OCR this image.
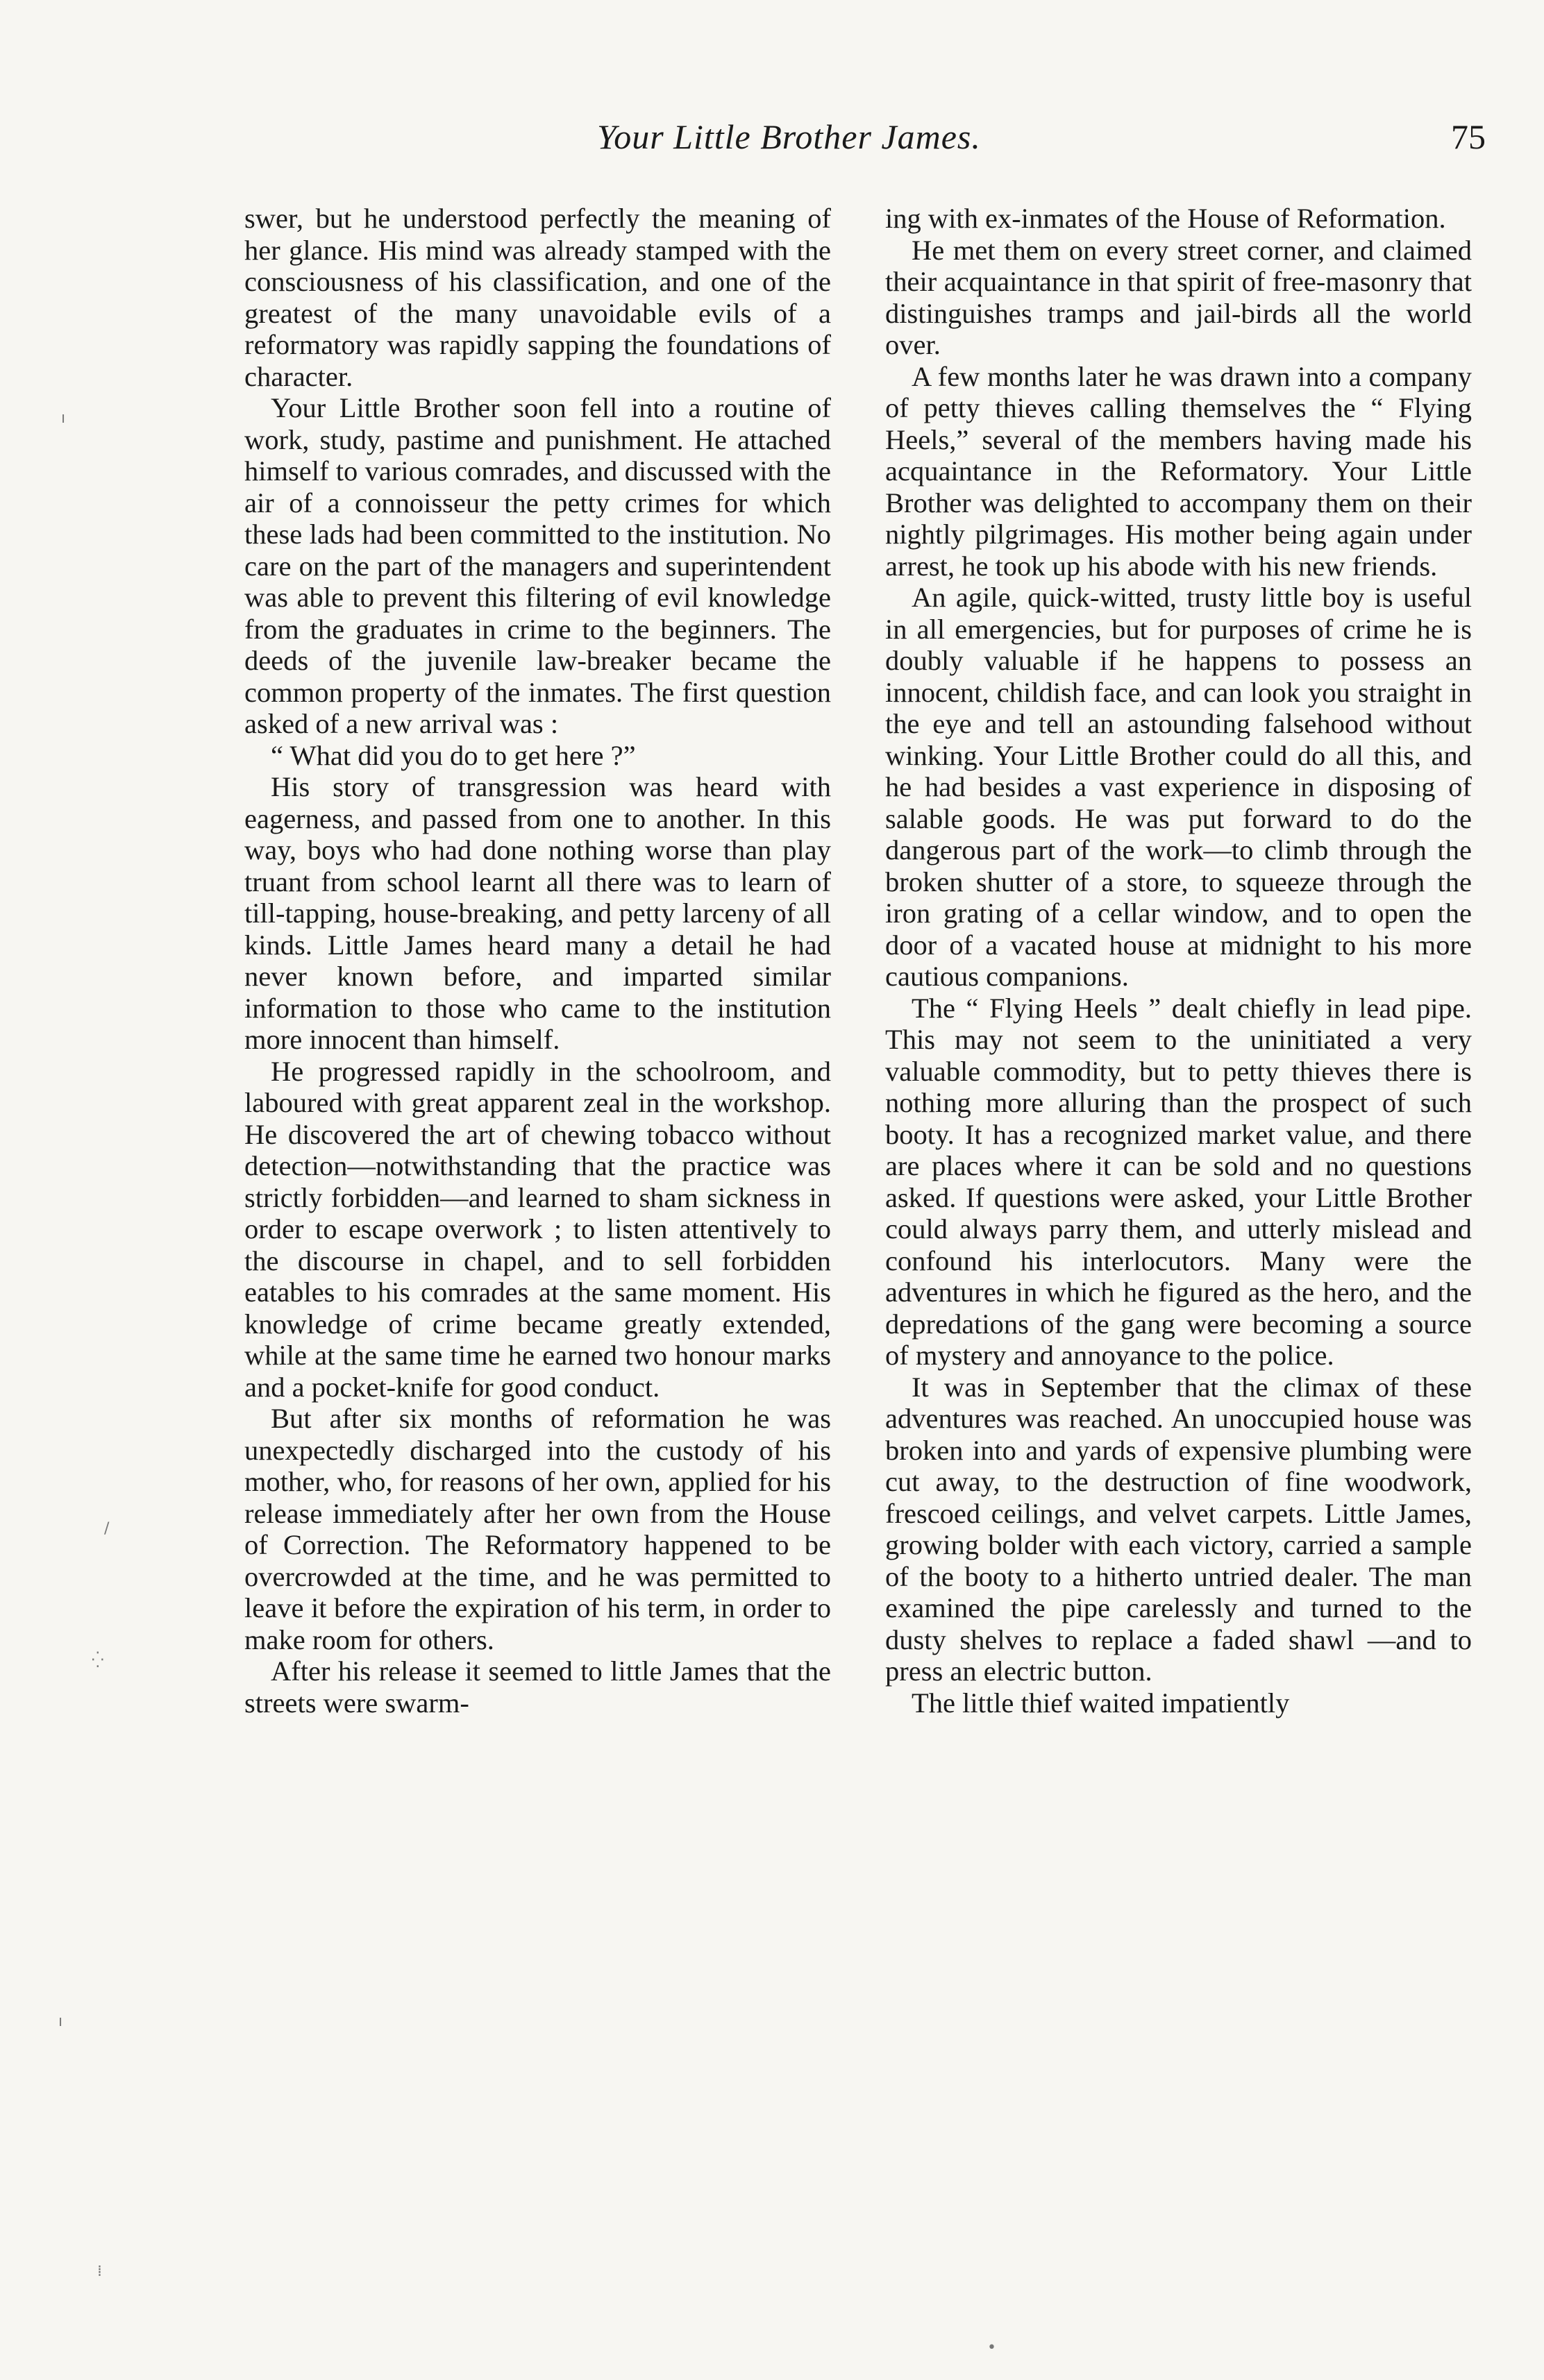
Your Little Brother James.	75

swer, but he understood perfectly the meaning of her glance. His mind was already stamped with the consciousness of his classification, and one of the greatest of the many unavoidable evils of a reformatory was rapidly sapping the foundations of character.

Your Little Brother soon fell into a routine of work, study, pastime and punishment. He attached himself to various comrades, and discussed with the air of a connoisseur the petty crimes for which these lads had been committed to the institution. No care on the part of the managers and superintendent was able to prevent this filtering of evil knowledge from the graduates in crime to the beginners. The deeds of the juvenile law-breaker became the common property of the inmates. The first question asked of a new arrival was :

“ What did you do to get here ?”

His story of transgression was heard with eagerness, and passed from one to another. In this way, boys who had done nothing worse than play truant from school learnt all there was to learn of till-tapping, house-breaking, and petty larceny of all kinds. Little James heard many a detail he had never known before, and imparted similar information to those who came to the institution more innocent than himself.

He progressed rapidly in the schoolroom, and laboured with great apparent zeal in the workshop. He discovered the art of chewing tobacco without detection—notwithstanding that the practice was strictly forbidden—and learned to sham sickness in order to escape overwork ; to listen attentively to the discourse in chapel, and to sell forbidden eatables to his comrades at the same moment. His knowledge of crime became greatly extended, while at the same time he earned two honour marks and a pocket-knife for good conduct.

But after six months of reformation he was unexpectedly discharged into the custody of his mother, who, for reasons of her own, applied for his release immediately after her own from the House of Correction. The Reformatory happened to be overcrowded at the time, and he was permitted to leave it before the expiration of his term, in order to make room for others.

After his release it seemed to little James that the streets were swarm-

ing with ex-inmates of the House of Reformation.

He met them on every street corner, and claimed their acquaintance in that spirit of free-masonry that distinguishes tramps and jail-birds all the world over.

A few months later he was drawn into a company of petty thieves calling themselves the “ Flying Heels,” several of the members having made his acquaintance in the Reformatory. Your Little Brother was delighted to accompany them on their nightly pilgrimages. His mother being again under arrest, he took up his abode with his new friends.

An agile, quick-witted, trusty little boy is useful in all emergencies, but for purposes of crime he is doubly valuable if he happens to possess an innocent, childish face, and can look you straight in the eye and tell an astounding falsehood without winking. Your Little Brother could do all this, and he had besides a vast experience in disposing of salable goods. He was put forward to do the dangerous part of the work—to climb through the broken shutter of a store, to squeeze through the iron grating of a cellar window, and to open the door of a vacated house at midnight to his more cautious companions.

The “ Flying Heels ” dealt chiefly in lead pipe. This may not seem to the uninitiated a very valuable commodity, but to petty thieves there is nothing more alluring than the prospect of such booty. It has a recognized market value, and there are places where it can be sold and no questions asked. If questions were asked, your Little Brother could always parry them, and utterly mislead and confound his interlocutors. Many were the adventures in which he figured as the hero, and the depredations of the gang were becoming a source of mystery and annoyance to the police.

It was in September that the climax of these adventures was reached. An unoccupied house was broken into and yards of expensive plumbing were cut away, to the destruction of fine woodwork, frescoed ceilings, and velvet carpets. Little James, growing bolder with each victory, carried a sample of the booty to a hitherto untried dealer. The man examined the pipe carelessly and turned to the dusty shelves to replace a faded shawl —and to press an electric button.

The little thief waited impatiently

ı
/
⁛
ı
⁞
•
